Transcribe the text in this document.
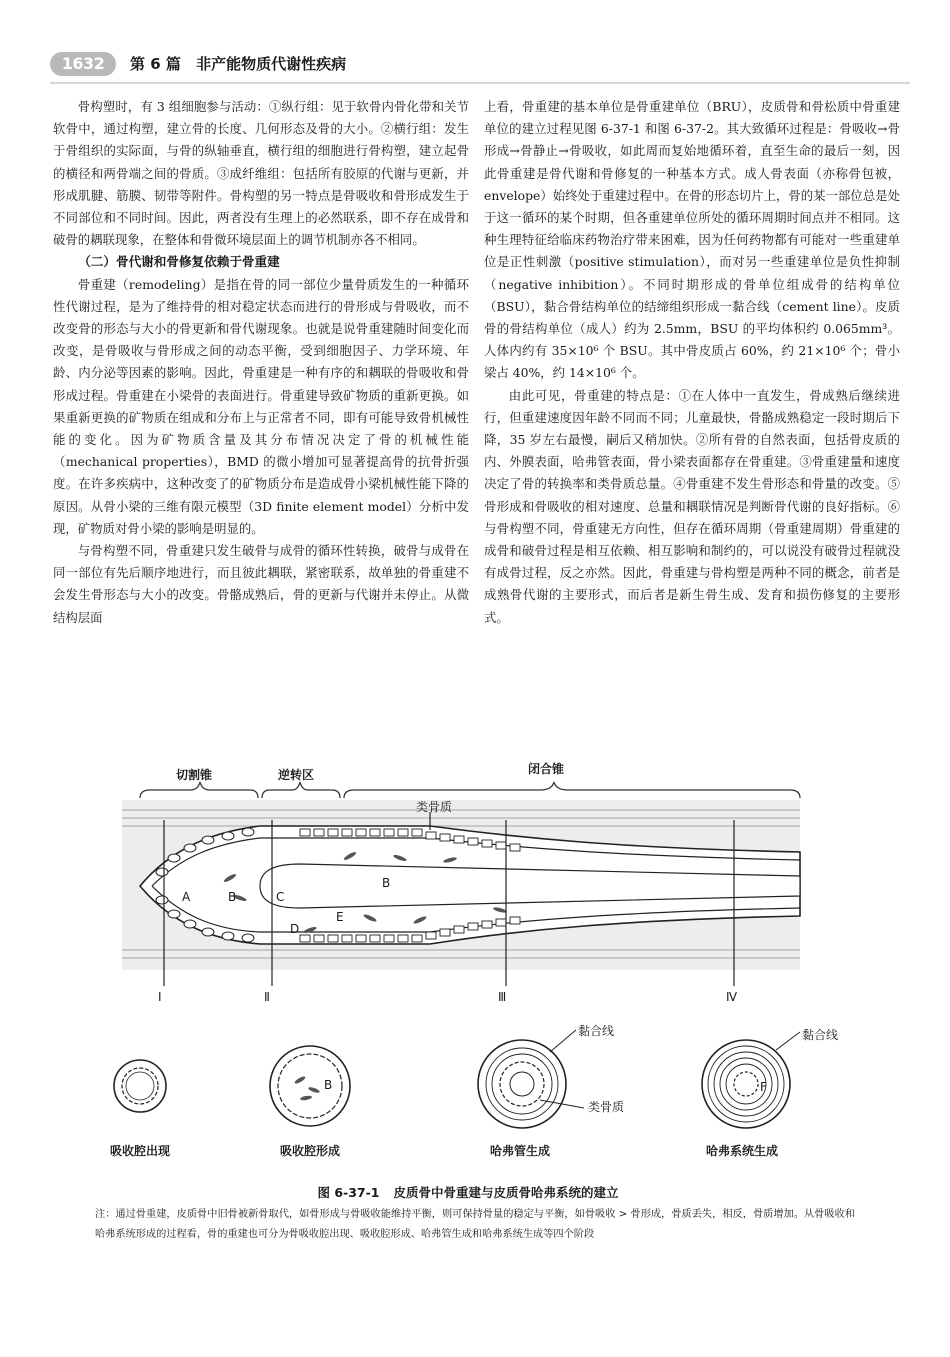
1632	第 6 篇 非产能物质代谢性疾病

骨构塑时，有 3 组细胞参与活动：①纵行组：见于软骨内骨化带和关节软骨中，通过构塑，建立骨的长度、几何形态及骨的大小。②横行组：发生于骨组织的实际面，与骨的纵轴垂直，横行组的细胞进行骨构塑，建立起骨的横径和两骨端之间的骨质。③成纤维组：包括所有胶原的代谢与更新，并形成肌腱、筋膜、韧带等附件。骨构塑的另一特点是骨吸收和骨形成发生于不同部位和不同时间。因此，两者没有生理上的必然联系，即不存在成骨和破骨的耦联现象，在整体和骨微环境层面上的调节机制亦各不相同。

（二）骨代谢和骨修复依赖于骨重建

骨重建（remodeling）是指在骨的同一部位少量骨质发生的一种循环性代谢过程，是为了维持骨的相对稳定状态而进行的骨形成与骨吸收，而不改变骨的形态与大小的骨更新和骨代谢现象。也就是说骨重建随时间变化而改变，是骨吸收与骨形成之间的动态平衡，受到细胞因子、力学环境、年龄、内分泌等因素的影响。因此，骨重建是一种有序的和耦联的骨吸收和骨形成过程。骨重建在小梁骨的表面进行。骨重建导致矿物质的重新更换。如果重新更换的矿物质在组成和分布上与正常者不同，即有可能导致骨机械性能的变化。因为矿物质含量及其分布情况决定了骨的机械性能（mechanical properties），BMD 的微小增加可显著提高骨的抗骨折强度。在许多疾病中，这种改变了的矿物质分布是造成骨小梁机械性能下降的原因。从骨小梁的三维有限元模型（3D finite element model）分析中发现，矿物质对骨小梁的影响是明显的。

与骨构塑不同，骨重建只发生破骨与成骨的循环性转换，破骨与成骨在同一部位有先后顺序地进行，而且彼此耦联，紧密联系，故单独的骨重建不会发生骨形态与大小的改变。骨骼成熟后，骨的更新与代谢并未停止。从微结构层面

上看，骨重建的基本单位是骨重建单位（BRU），皮质骨和骨松质中骨重建单位的建立过程见图 6-37-1 和图 6-37-2。其大致循环过程是：骨吸收→骨形成→骨静止→骨吸收，如此周而复始地循环着，直至生命的最后一刻，因此骨重建是骨代谢和骨修复的一种基本方式。成人骨表面（亦称骨包被，envelope）始终处于重建过程中。在骨的形态切片上，骨的某一部位总是处于这一循环的某个时期，但各重建单位所处的循环周期时间点并不相同。这种生理特征给临床药物治疗带来困难，因为任何药物都有可能对一些重建单位是正性刺激（positive stimulation），而对另一些重建单位是负性抑制（negative inhibition）。不同时期形成的骨单位组成骨的结构单位（BSU），黏合骨结构单位的结缔组织形成一黏合线（cement line）。皮质骨的骨结构单位（成人）约为 2.5mm，BSU 的平均体积约 0.065mm³。人体内约有 35×10⁶ 个 BSU。其中骨皮质占 60%，约 21×10⁶ 个；骨小梁占 40%，约 14×10⁶ 个。

由此可见，骨重建的特点是：①在人体中一直发生，骨成熟后继续进行，但重建速度因年龄不同而不同；儿童最快，骨骼成熟稳定一段时期后下降，35 岁左右最慢，嗣后又稍加快。②所有骨的自然表面，包括骨皮质的内、外膜表面，哈弗管表面，骨小梁表面都存在骨重建。③骨重建量和速度决定了骨的转换率和类骨质总量。④骨重建不发生骨形态和骨量的改变。⑤骨形成和骨吸收的相对速度、总量和耦联情况是判断骨代谢的良好指标。⑥与骨构塑不同，骨重建无方向性，但存在循环周期（骨重建周期）骨重建的成骨和破骨过程是相互依赖、相互影响和制约的，可以说没有破骨过程就没有成骨过程，反之亦然。因此，骨重建与骨构塑是两种不同的概念，前者是成熟骨代谢的主要形式，而后者是新生骨生成、发育和损伤修复的主要形式。

切割锥	逆转区	闭合锥
类骨质
A	B	C
D
E
B
Ⅰ	Ⅱ	Ⅲ	Ⅳ
黏合线
类骨质
黏合线
B	F
吸收腔出现	吸收腔形成	哈弗管生成	哈弗系统生成
图 6-37-1 皮质骨中骨重建与皮质骨哈弗系统的建立
注：通过骨重建，皮质骨中旧骨被新骨取代，如骨形成与骨吸收能维持平衡，则可保持骨量的稳定与平衡，如骨吸收 > 骨形成，骨质丢失，相反，骨质增加。从骨吸收和哈弗系统形成的过程看，骨的重建也可分为骨吸收腔出现、吸收腔形成、哈弗管生成和哈弗系统生成等四个阶段
